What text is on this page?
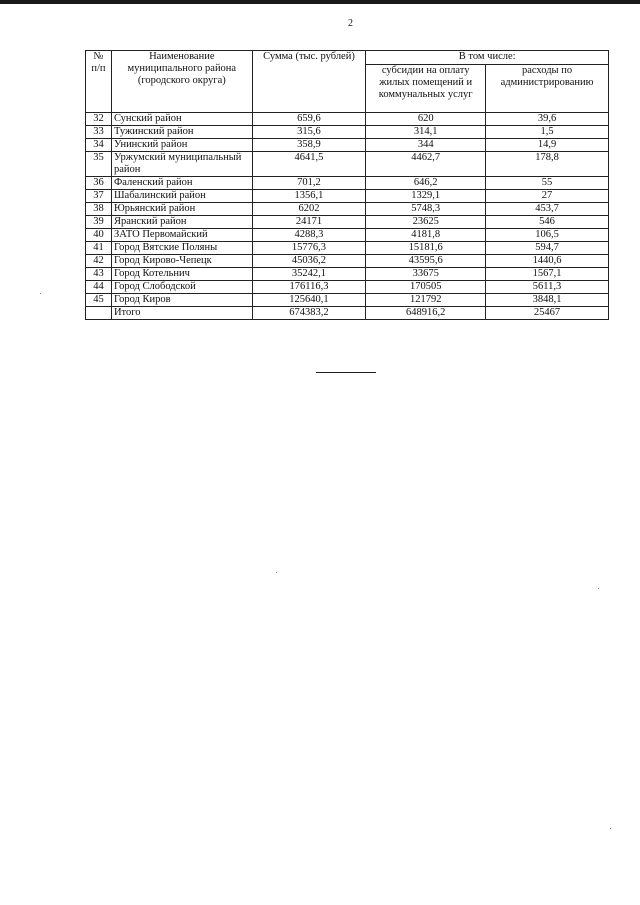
2
№ п/п	Наименование муниципального района (городского округа)	Сумма (тыс. рублей)	В том числе:	
			субсидии на оплату жилых помещений и коммунальных услуг	расходы по администрированию
32	Сунский район	659,6	620	39,6
33	Тужинский район	315,6	314,1	1,5
34	Унинский район	358,9	344	14,9
35	Уржумский муниципальный район	4641,5	4462,7	178,8
36	Фаленский район	701,2	646,2	55
37	Шабалинский район	1356,1	1329,1	27
38	Юрьянский район	6202	5748,3	453,7
39	Яранский район	24171	23625	546
40	ЗАТО Первомайский	4288,3	4181,8	106,5
41	Город Вятские Поляны	15776,3	15181,6	594,7
42	Город Кирово-Чепецк	45036,2	43595,6	1440,6
43	Город Котельнич	35242,1	33675	1567,1
44	Город Слободской	176116,3	170505	5611,3
45	Город Киров	125640,1	121792	3848,1
	Итого	674383,2	648916,2	25467
